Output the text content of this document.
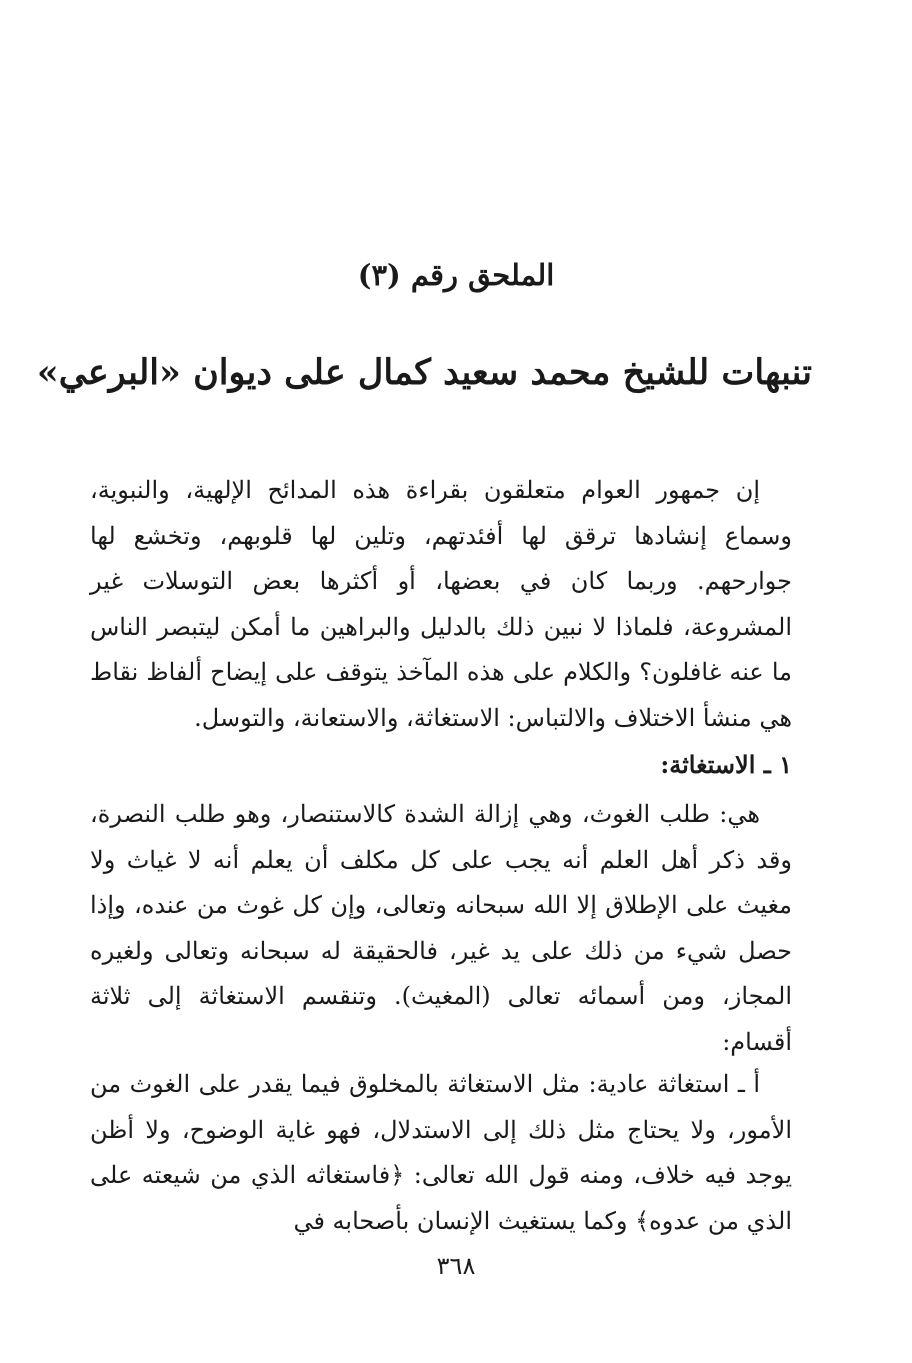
الملحق رقم (٣)
تنبهات للشيخ محمد سعيد كمال على ديوان «البرعي»

إن جمهور العوام متعلقون بقراءة هذه المدائح الإلهية، والنبوية، وسماع إنشادها ترقق لها أفئدتهم، وتلين لها قلوبهم، وتخشع لها جوارحهم. وربما كان في بعضها، أو أكثرها بعض التوسلات غير المشروعة، فلماذا لا نبين ذلك بالدليل والبراهين ما أمكن ليتبصر الناس ما عنه غافلون؟ والكلام على هذه المآخذ يتوقف على إيضاح ألفاظ نقاط هي منشأ الاختلاف والالتباس: الاستغاثة، والاستعانة، والتوسل.

١ ـ الاستغاثة:

هي: طلب الغوث، وهي إزالة الشدة كالاستنصار، وهو طلب النصرة، وقد ذكر أهل العلم أنه يجب على كل مكلف أن يعلم أنه لا غياث ولا مغيث على الإطلاق إلا الله سبحانه وتعالى، وإن كل غوث من عنده، وإذا حصل شيء من ذلك على يد غير، فالحقيقة له سبحانه وتعالى ولغيره المجاز، ومن أسمائه تعالى (المغيث). وتنقسم الاستغاثة إلى ثلاثة أقسام:

أ ـ استغاثة عادية: مثل الاستغاثة بالمخلوق فيما يقدر على الغوث من الأمور، ولا يحتاج مثل ذلك إلى الاستدلال، فهو غاية الوضوح، ولا أظن يوجد فيه خلاف، ومنه قول الله تعالى: ﴿فاستغاثه الذي من شيعته على الذي من عدوه﴾ وكما يستغيث الإنسان بأصحابه في

٣٦٨
